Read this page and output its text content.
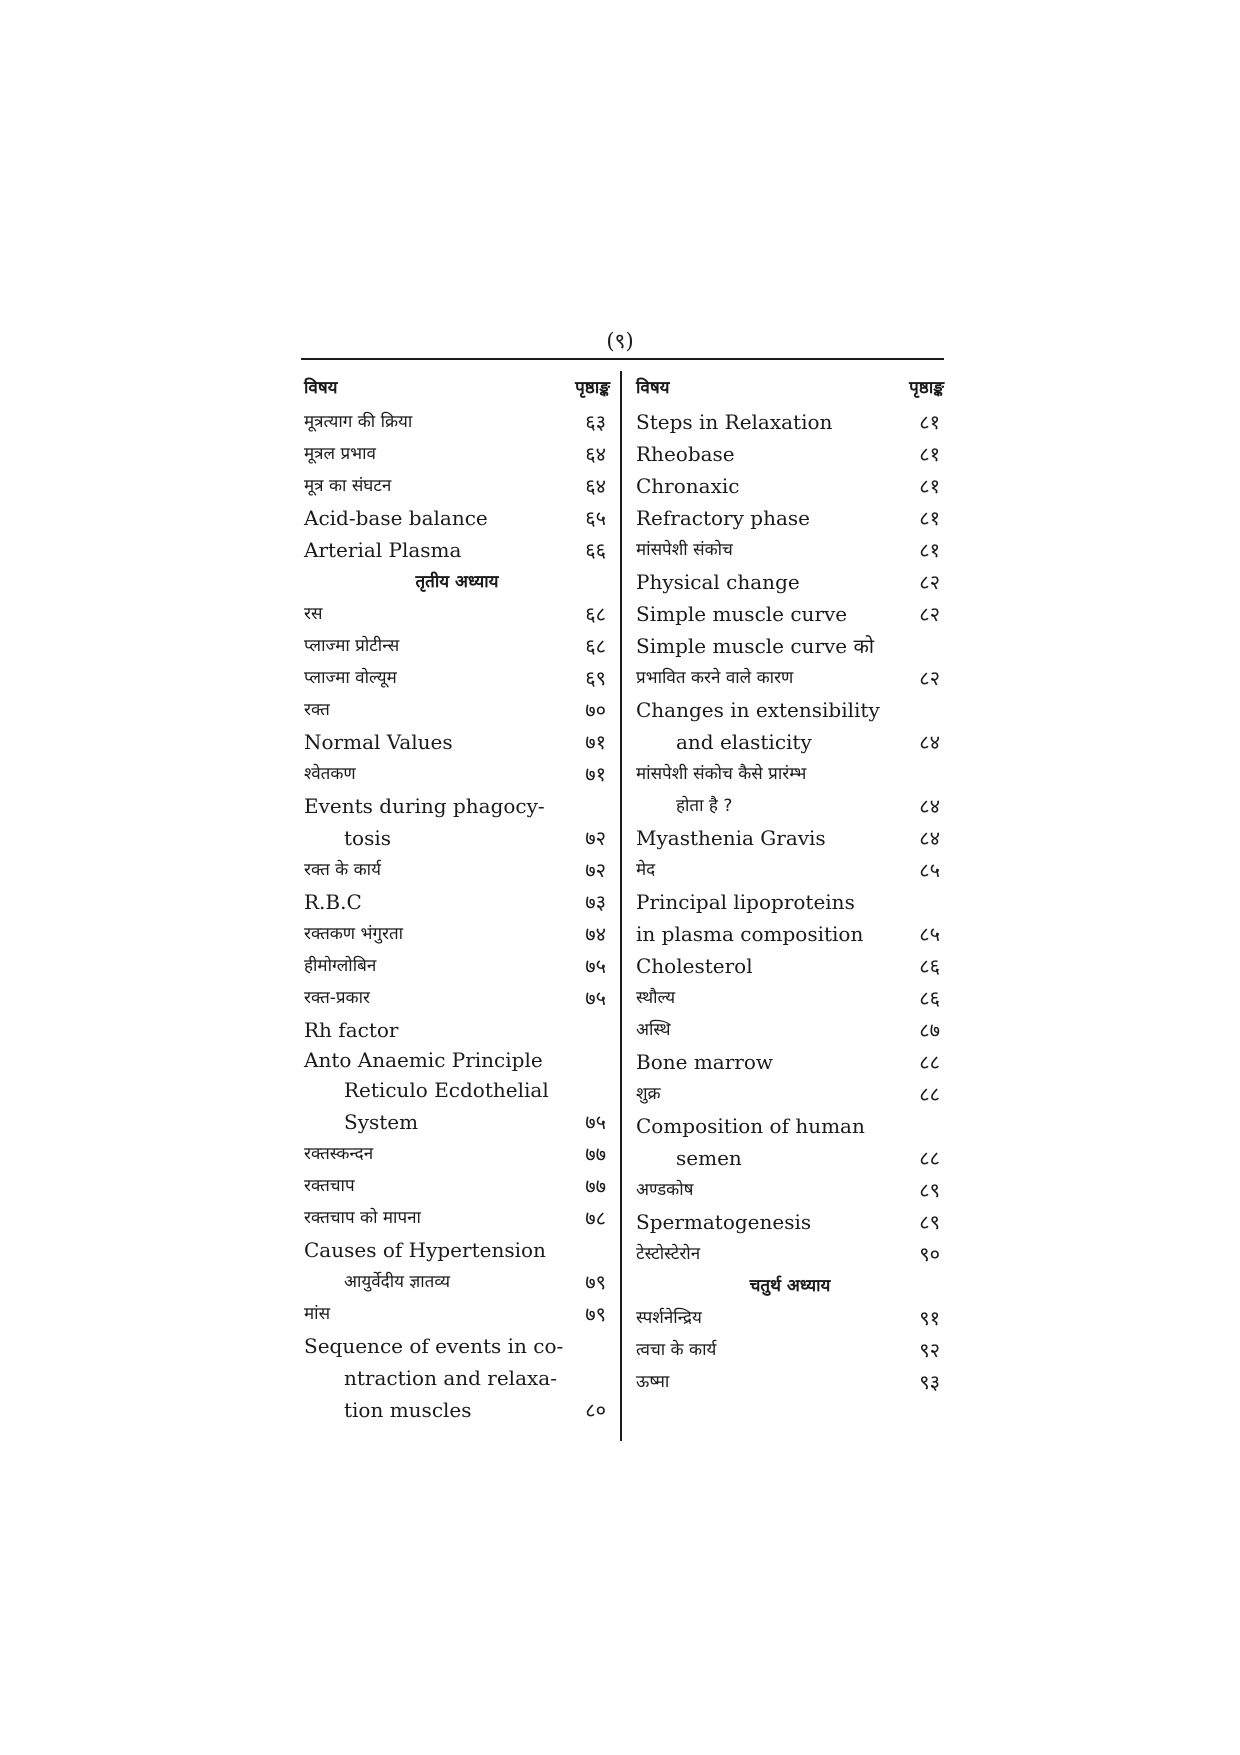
(९)
विषय	पृष्ठाङ्क
मूत्रत्याग की क्रिया	६३
मूत्रल प्रभाव	६४
मूत्र का संघटन	६४
Acid-base balance	६५
Arterial Plasma	६६
तृतीय अध्याय
रस	६८
प्लाज्मा प्रोटीन्स	६८
प्लाज्मा वोल्यूम	६९
रक्त	७०
Normal Values	७१
श्वेतकण	७१
Events during phagocy-
tosis	७२
रक्त के कार्य	७२
R.B.C	७३
रक्तकण भंगुरता	७४
हीमोग्लोबिन	७५
रक्त-प्रकार	७५
Rh factor
Anto Anaemic Principle
Reticulo Ecdothelial
System	७५
रक्तस्कन्दन	७७
रक्तचाप	७७
रक्तचाप को मापना	७८
Causes of Hypertension
आयुर्वेदीय ज्ञातव्य	७९
मांस	७९
Sequence of events in co-
ntraction and relaxa-
tion muscles	८०
विषय	पृष्ठाङ्क
Steps in Relaxation	८१
Rheobase	८१
Chronaxic	८१
Refractory phase	८१
मांसपेशी संकोच	८१
Physical change	८२
Simple muscle curve	८२
Simple muscle curve को
प्रभावित करने वाले कारण	८२
Changes in extensibility
and elasticity	८४
मांसपेशी संकोच कैसे प्रारंम्भ
होता है ?	८४
Myasthenia Gravis	८४
मेद	८५
Principal lipoproteins
in plasma composition	८५
Cholesterol	८६
स्थौल्य	८६
अस्थि	८७
Bone marrow	८८
शुक्र	८८
Composition of human
semen	८८
अण्डकोष	८९
Spermatogenesis	८९
टेस्टोस्टेरोन	९०
चतुर्थ अध्याय
स्पर्शनेन्द्रिय	९१
त्वचा के कार्य	९२
ऊष्मा	९३
